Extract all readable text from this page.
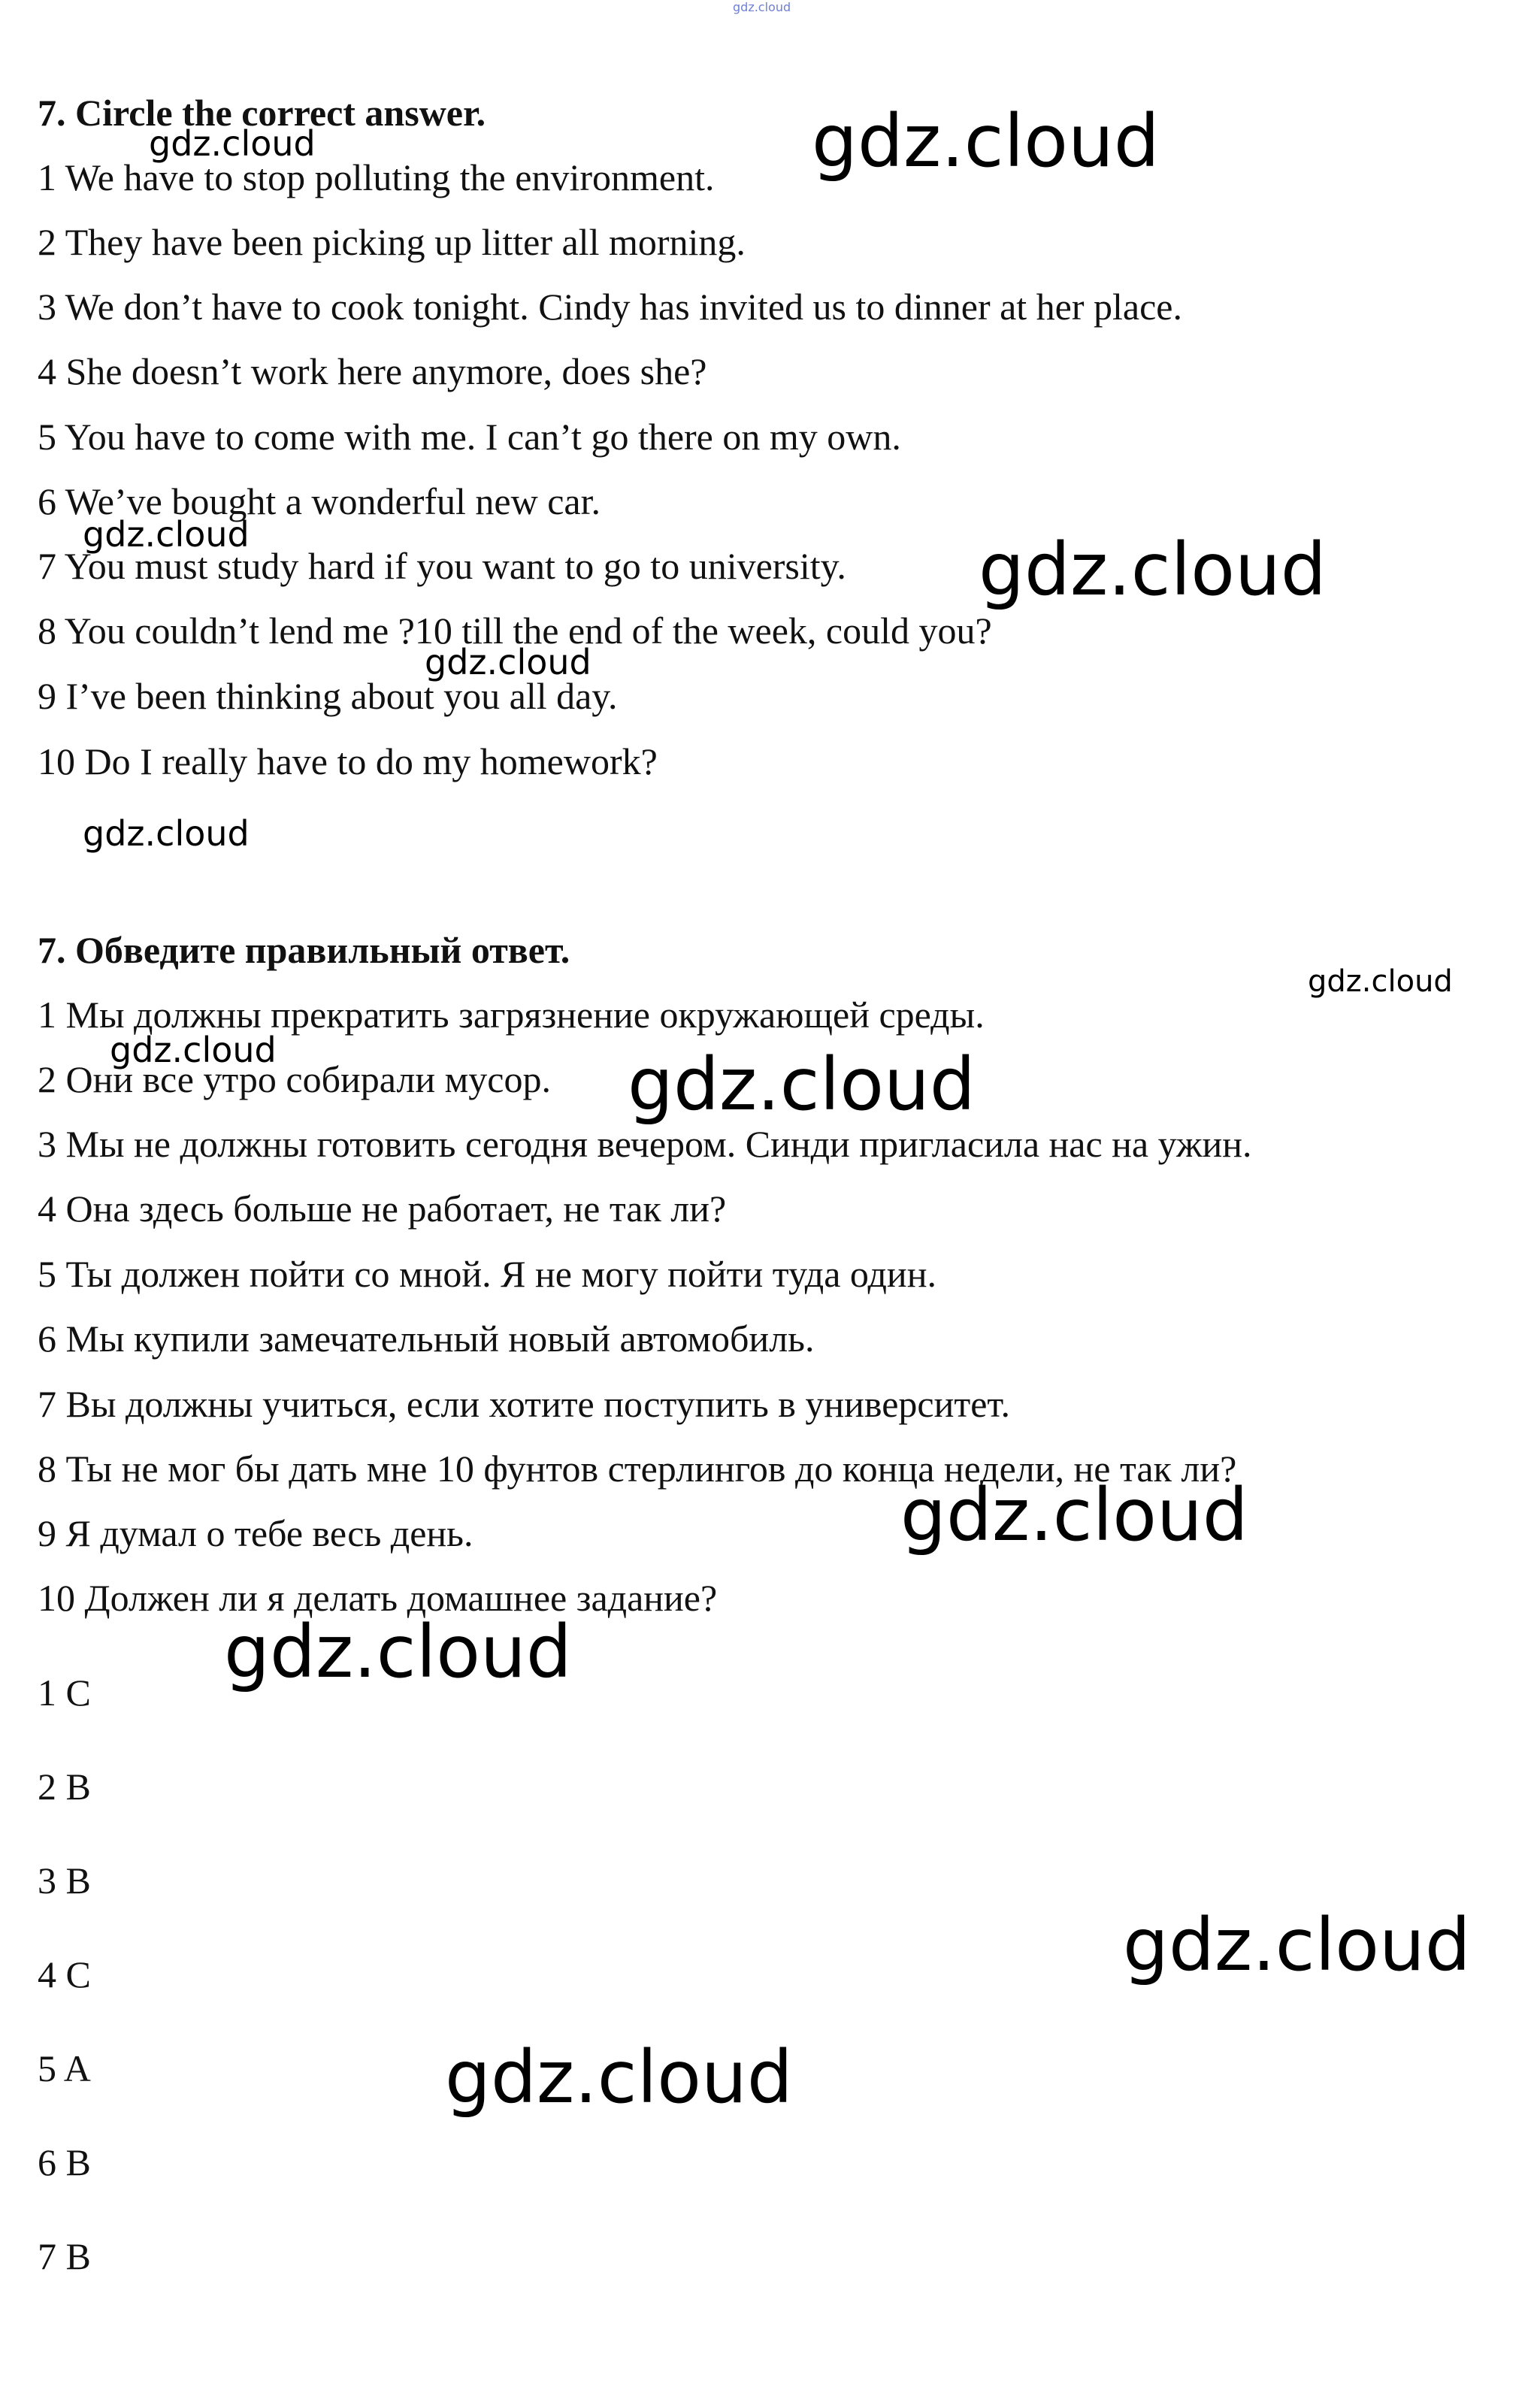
gdz.cloud
7. Circle the correct answer.
1 We have to stop polluting the environment.
2 They have been picking up litter all morning.
3 We don’t have to cook tonight. Cindy has invited us to dinner at her place.
4 She doesn’t work here anymore, does she?
5 You have to come with me. I can’t go there on my own.
6 We’ve bought a wonderful new car.
7 You must study hard if you want to go to university.
8 You couldn’t lend me ?10 till the end of the week, could you?
9 I’ve been thinking about you all day.
10 Do I really have to do my homework?
7. Обведите правильный ответ.
1 Мы должны прекратить загрязнение окружающей среды.
2 Они все утро собирали мусор.
3 Мы не должны готовить сегодня вечером. Синди пригласила нас на ужин.
4 Она здесь больше не работает, не так ли?
5 Ты должен пойти со мной. Я не могу пойти туда один.
6 Мы купили замечательный новый автомобиль.
7 Вы должны учиться, если хотите поступить в университет.
8 Ты не мог бы дать мне 10 фунтов стерлингов до конца недели, не так ли?
9 Я думал о тебе весь день.
10 Должен ли я делать домашнее задание?
1 C
2 B
3 B
4 C
5 A
6 B
7 B
gdz.cloud	gdz.cloud
gdz.cloud	gdz.cloud
gdz.cloud
gdz.cloud
gdz.cloud
gdz.cloud	gdz.cloud
gdz.cloud
gdz.cloud
gdz.cloud
gdz.cloud
